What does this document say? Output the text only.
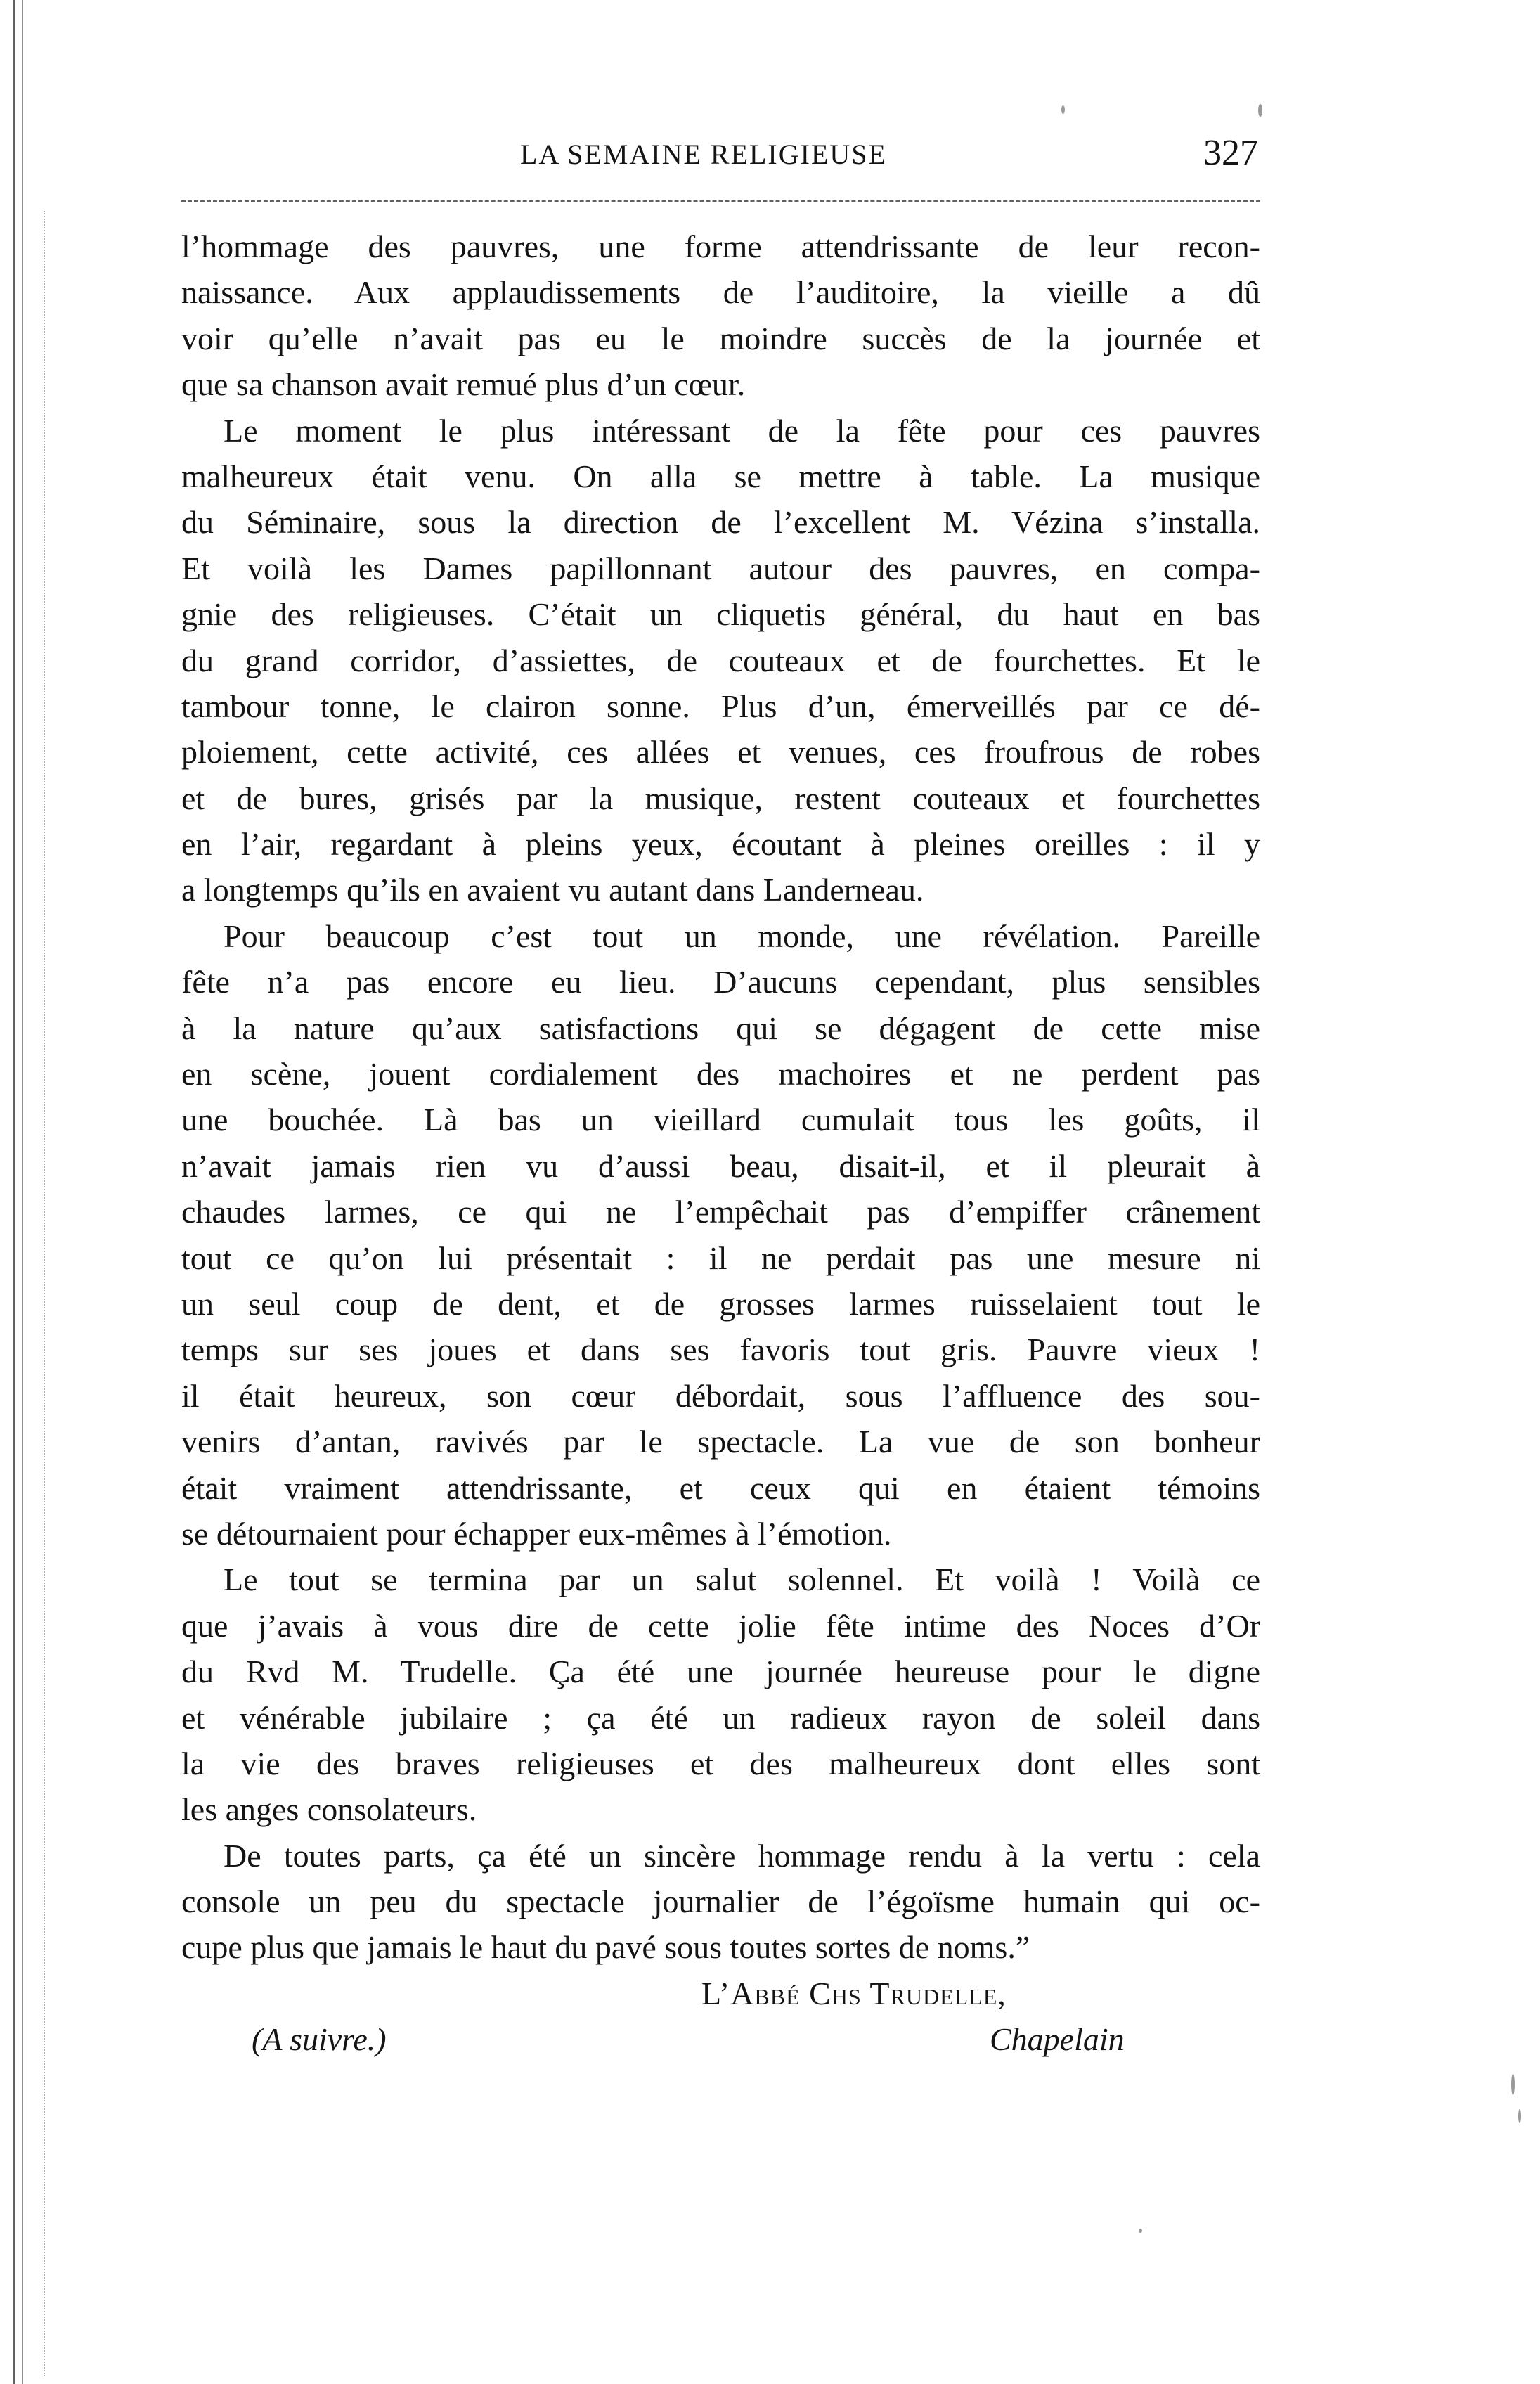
LA SEMAINE RELIGIEUSE	327
l’hommage des pauvres, une forme attendrissante de leur recon-
naissance. Aux applaudissements de l’auditoire, la vieille a dû
voir qu’elle n’avait pas eu le moindre succès de la journée et
que sa chanson avait remué plus d’un cœur.
Le moment le plus intéressant de la fête pour ces pauvres
malheureux était venu. On alla se mettre à table. La musique
du Séminaire, sous la direction de l’excellent M. Vézina s’installa.
Et voilà les Dames papillonnant autour des pauvres, en compa-
gnie des religieuses. C’était un cliquetis général, du haut en bas
du grand corridor, d’assiettes, de couteaux et de fourchettes. Et le
tambour tonne, le clairon sonne. Plus d’un, émerveillés par ce dé-
ploiement, cette activité, ces allées et venues, ces froufrous de robes
et de bures, grisés par la musique, restent couteaux et fourchettes
en l’air, regardant à pleins yeux, écoutant à pleines oreilles : il y
a longtemps qu’ils en avaient vu autant dans Landerneau.
Pour beaucoup c’est tout un monde, une révélation. Pareille
fête n’a pas encore eu lieu. D’aucuns cependant, plus sensibles
à la nature qu’aux satisfactions qui se dégagent de cette mise
en scène, jouent cordialement des machoires et ne perdent pas
une bouchée. Là bas un vieillard cumulait tous les goûts, il
n’avait jamais rien vu d’aussi beau, disait-il, et il pleurait à
chaudes larmes, ce qui ne l’empêchait pas d’empiffer crânement
tout ce qu’on lui présentait : il ne perdait pas une mesure ni
un seul coup de dent, et de grosses larmes ruisselaient tout le
temps sur ses joues et dans ses favoris tout gris. Pauvre vieux !
il était heureux, son cœur débordait, sous l’affluence des sou-
venirs d’antan, ravivés par le spectacle. La vue de son bonheur
était vraiment attendrissante, et ceux qui en étaient témoins
se détournaient pour échapper eux-mêmes à l’émotion.
Le tout se termina par un salut solennel. Et voilà ! Voilà ce
que j’avais à vous dire de cette jolie fête intime des Noces d’Or
du Rvd M. Trudelle. Ça été une journée heureuse pour le digne
et vénérable jubilaire ; ça été un radieux rayon de soleil dans
la vie des braves religieuses et des malheureux dont elles sont
les anges consolateurs.
De toutes parts, ça été un sincère hommage rendu à la vertu : cela
console un peu du spectacle journalier de l’égoïsme humain qui oc-
cupe plus que jamais le haut du pavé sous toutes sortes de noms.”
L’Abbé Chs Trudelle,
(A suivre.)	Chapelain
